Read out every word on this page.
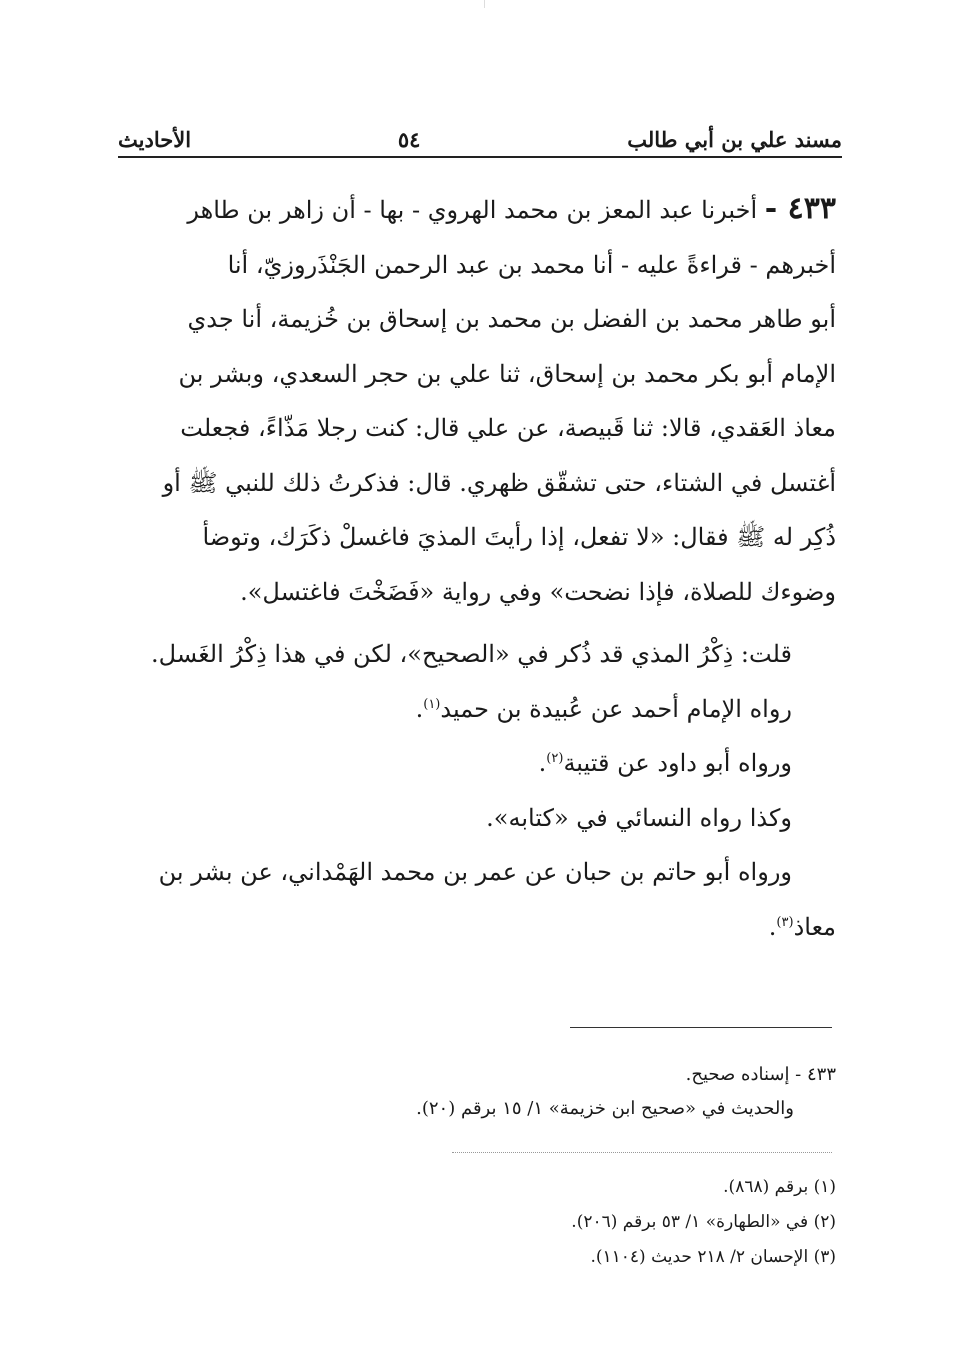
مسند علي بن أبي طالب
٥٤
الأحاديث

٤٣٣ - أخبرنا عبد المعز بن محمد الهروي - بها - أن زاهر بن طاهر

أخبرهم - قراءةً عليه - أنا محمد بن عبد الرحمن الجَنْذَروزيّ، أنا

أبو طاهر محمد بن الفضل بن محمد بن إسحاق بن خُزيمة، أنا جدي

الإمام أبو بكر محمد بن إسحاق، ثنا علي بن حجر السعدي، وبشر بن

معاذ العَقدي، قالا: ثنا قَبيصة، عن علي قال: كنت رجلا مَذّاءً، فجعلت

أغتسل في الشتاء، حتى تشقّق ظهري. قال: فذكرتُ ذلك للنبي ﷺ أو

ذُكِر له ﷺ فقال: «لا تفعل، إذا رأيتَ المذيَ فاغسلْ ذكَرَك، وتوضأ

وضوءك للصلاة، فإذا نضحت» وفي رواية «فَضَخْتَ فاغتسل».

قلت: ذِكْرُ المذي قد ذُكر في «الصحيح»، لكن في هذا ذِكْرُ الغَسل.

رواه الإمام أحمد عن عُبيدة بن حميد$^{(١)}$.

ورواه أبو داود عن قتيبة$^{(٢)}$.

وكذا رواه النسائي في «كتابه».

ورواه أبو حاتم بن حبان عن عمر بن محمد الهَمْداني، عن بشر بن

معاذ$^{(٣)}$.

٤٣٣ - إسناده صحيح.

والحديث في «صحيح ابن خزيمة» ١/ ١٥ برقم (٢٠).

(١) برقم (٨٦٨).

(٢) في «الطهارة» ١/ ٥٣ برقم (٢٠٦).

(٣) الإحسان ٢/ ٢١٨ حديث (١١٠٤).
